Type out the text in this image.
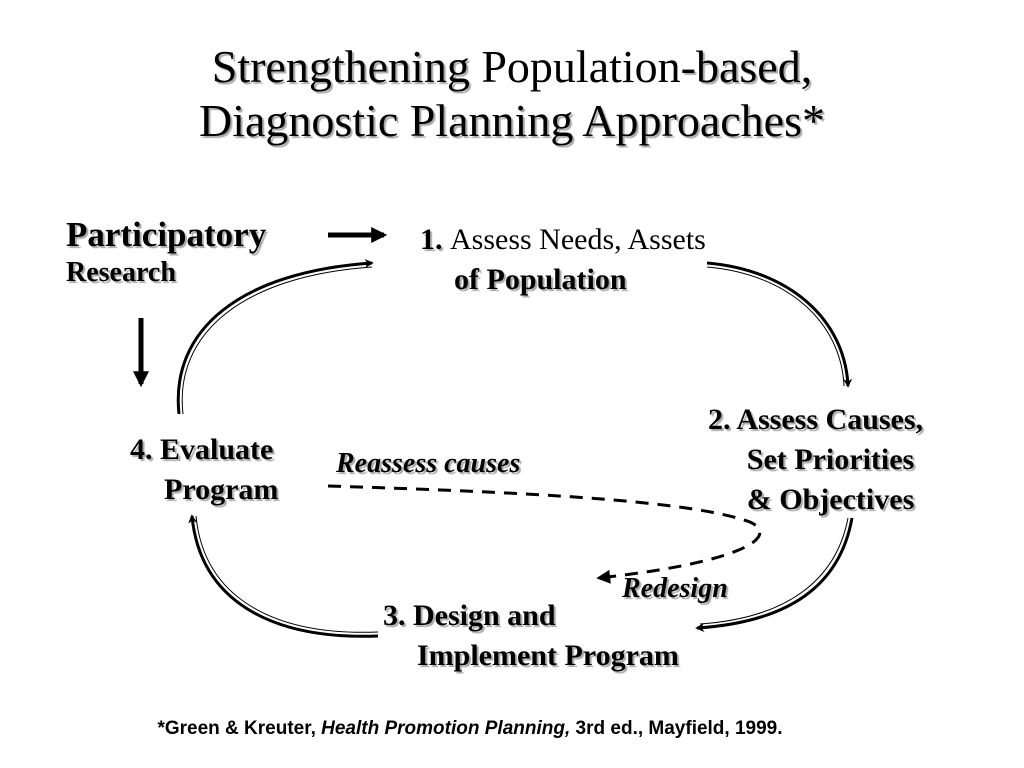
Strengthening Population-based,
Diagnostic Planning Approaches*
Participatory
Research
1. Assess Needs, Assets
of Population
2. Assess Causes,
Set Priorities
& Objectives
3. Design and
Implement Program
4. Evaluate
Program
Reassess causes
Redesign
*Green & Kreuter, Health Promotion Planning, 3rd ed., Mayfield, 1999.
